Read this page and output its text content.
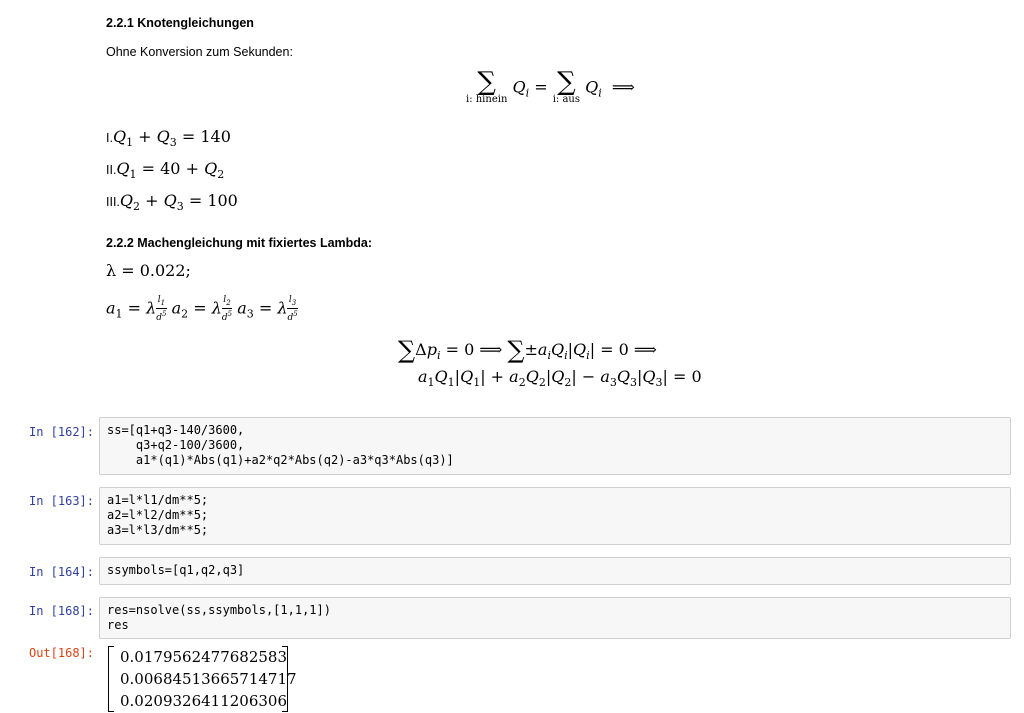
2.2.1 Knotengleichungen
Ohne Konversion zum Sekunden:
∑
i: hinein
$Q_i$ = ∑
i: aus
$Q_i$  ⟹
$I.Q_1 + Q_3 = 140$
$II.Q_1 = 40 + Q_2$
$III.Q_2 + Q_3 = 100$
2.2.2 Machengleichung mit fixiertes Lambda:
λ = 0.022;
$a_1 = \lambda \frac{l_1}{d^5} a_2 = \lambda \frac{l_2}{d^5} a_3 = \lambda \frac{l_3}{d^5}$
$\sum\Delta p_i = 0$ ⟹ $\sum\pm a_iQ_i|Q_i| = 0$ ⟹
$a_1Q_1|Q_1| + a_2Q_2|Q_2| - a_3Q_3|Q_3| = 0$
In [162]:	ss=[q1+q3-140/3600,
q3+q2-100/3600,
a1*(q1)*Abs(q1)+a2*q2*Abs(q2)-a3*q3*Abs(q3)]
In [163]:	a1=l*l1/dm**5;
a2=l*l2/dm**5;
a3=l*l3/dm**5;
In [164]:	ssymbols=[q1,q2,q3]
In [168]:	res=nsolve(ss,ssymbols,[1,1,1])
res
Out[168]: 0.0179562477682583
0.00684513665714717
0.0209326411206306
